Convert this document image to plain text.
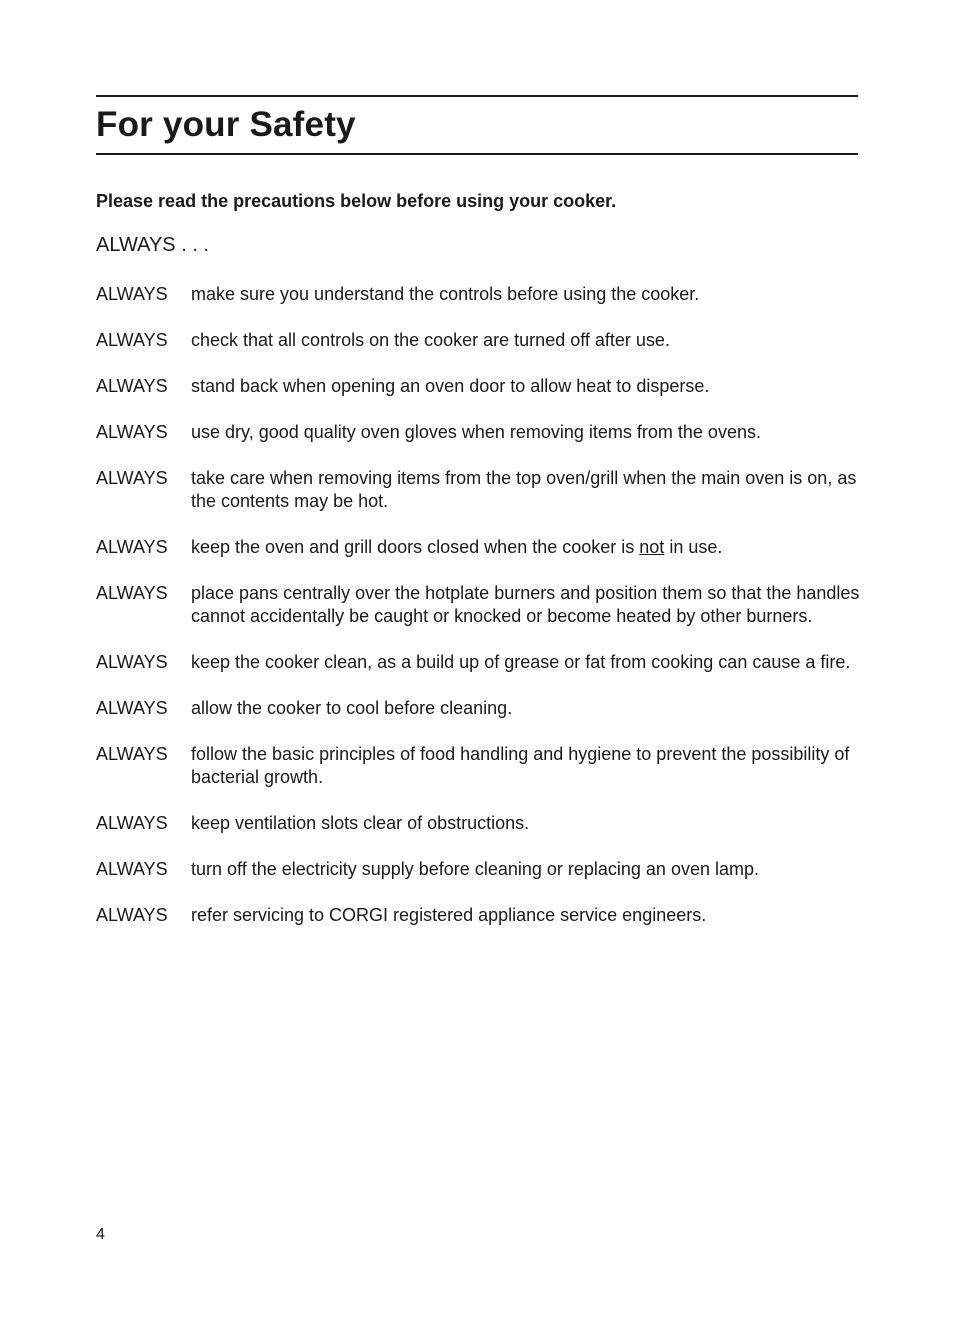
For your Safety

Please read the precautions below before using your cooker.

ALWAYS . . .
ALWAYS	make sure you understand the controls before using the cooker.
ALWAYS	check that all controls on the cooker are turned off after use.
ALWAYS	stand back when opening an oven door to allow heat to disperse.
ALWAYS	use dry, good quality oven gloves when removing items from the ovens.
ALWAYS	take care when removing items from the top oven/grill when the main oven is on, as the contents may be hot.
ALWAYS	keep the oven and grill doors closed when the cooker is not in use.
ALWAYS	place pans centrally over the hotplate burners and position them so that the handles cannot accidentally be caught or knocked or become heated by other burners.
ALWAYS	keep the cooker clean, as a build up of grease or fat from cooking can cause a fire.
ALWAYS	allow the cooker to cool before cleaning.
ALWAYS	follow the basic principles of food handling and hygiene to prevent the possibility of bacterial growth.
ALWAYS	keep ventilation slots clear of obstructions.
ALWAYS	turn off the electricity supply before cleaning or replacing an oven lamp.
ALWAYS	refer servicing to CORGI registered appliance service engineers.
4
